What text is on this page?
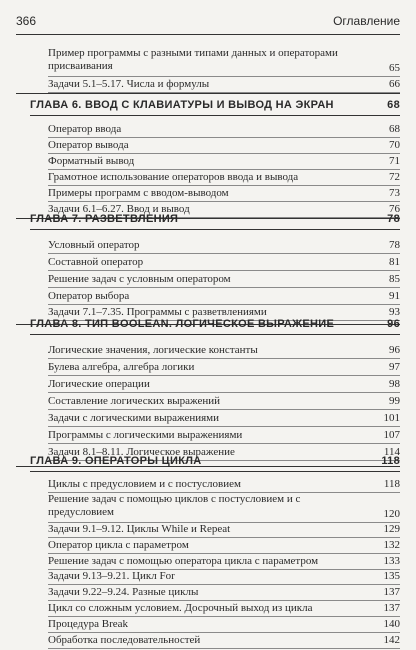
366	Оглавление
Пример программы с разными типами данных и операторами присваивания	65
Задачи 5.1–5.17. Числа и формулы	66
ГЛАВА 6. ВВОД С КЛАВИАТУРЫ И ВЫВОД НА ЭКРАН	68
Оператор ввода	68
Оператор вывода	70
Форматный вывод	71
Грамотное использование операторов ввода и вывода	72
Примеры программ с вводом-выводом	73
Задачи 6.1–6.27. Ввод и вывод	76
ГЛАВА 7. РАЗВЕТВЛЕНИЯ	78
Условный оператор	78
Составной оператор	81
Решение задач с условным оператором	85
Оператор выбора	91
Задачи 7.1–7.35. Программы с разветвлениями	93
ГЛАВА 8. ТИП BOOLEAN. ЛОГИЧЕСКОЕ ВЫРАЖЕНИЕ	96
Логические значения, логические константы	96
Булева алгебра, алгебра логики	97
Логические операции	98
Составление логических выражений	99
Задачи с логическими выражениями	101
Программы с логическими выражениями	107
Задачи 8.1–8.11. Логическое выражение	114
ГЛАВА 9. ОПЕРАТОРЫ ЦИКЛА	118
Циклы с предусловием и с постусловием	118
Решение задач с помощью циклов с постусловием и с предусловием	120
Задачи 9.1–9.12. Циклы While и Repeat	129
Оператор цикла с параметром	132
Решение задач с помощью оператора цикла с параметром	133
Задачи 9.13–9.21. Цикл For	135
Задачи 9.22–9.24. Разные циклы	137
Цикл со сложным условием. Досрочный выход из цикла	137
Процедура Break	140
Обработка последовательностей	142
